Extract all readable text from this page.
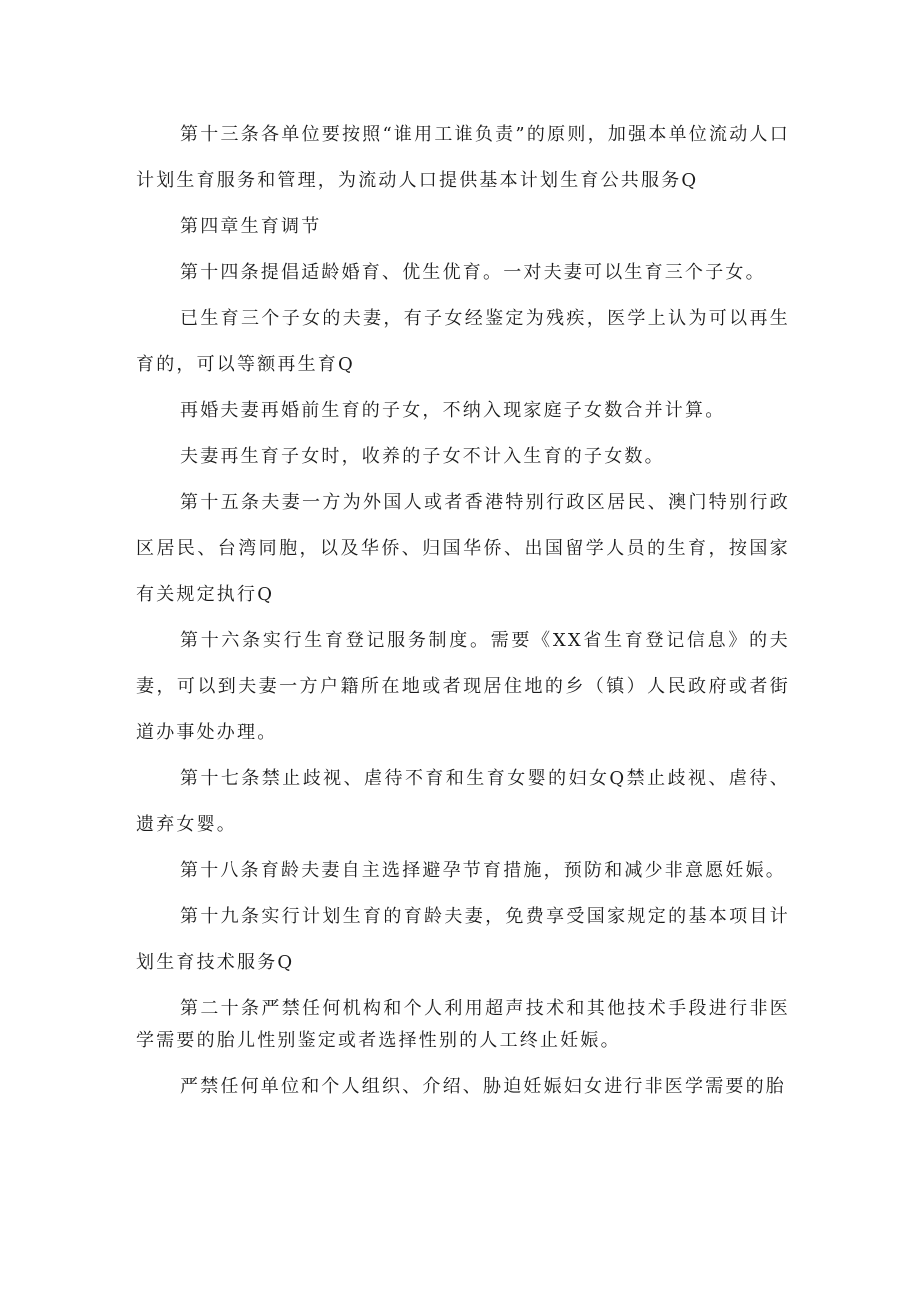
第十三条各单位要按照“谁用工谁负责”的原则，加强本单位流动人口计划生育服务和管理，为流动人口提供基本计划生育公共服务Q

第四章生育调节

第十四条提倡适龄婚育、优生优育。一对夫妻可以生育三个子女。

已生育三个子女的夫妻，有子女经鉴定为残疾，医学上认为可以再生育的，可以等额再生育Q

再婚夫妻再婚前生育的子女，不纳入现家庭子女数合并计算。

夫妻再生育子女时，收养的子女不计入生育的子女数。

第十五条夫妻一方为外国人或者香港特别行政区居民、澳门特别行政区居民、台湾同胞，以及华侨、归国华侨、出国留学人员的生育，按国家有关规定执行Q

第十六条实行生育登记服务制度。需要《XX省生育登记信息》的夫妻，可以到夫妻一方户籍所在地或者现居住地的乡（镇）人民政府或者街道办事处办理。

第十七条禁止歧视、虐待不育和生育女婴的妇女Q禁止歧视、虐待、遗弃女婴。

第十八条育龄夫妻自主选择避孕节育措施，预防和减少非意愿妊娠。

第十九条实行计划生育的育龄夫妻，免费享受国家规定的基本项目计划生育技术服务Q

第二十条严禁任何机构和个人利用超声技术和其他技术手段进行非医学需要的胎儿性别鉴定或者选择性别的人工终止妊娠。

严禁任何单位和个人组织、介绍、胁迫妊娠妇女进行非医学需要的胎
